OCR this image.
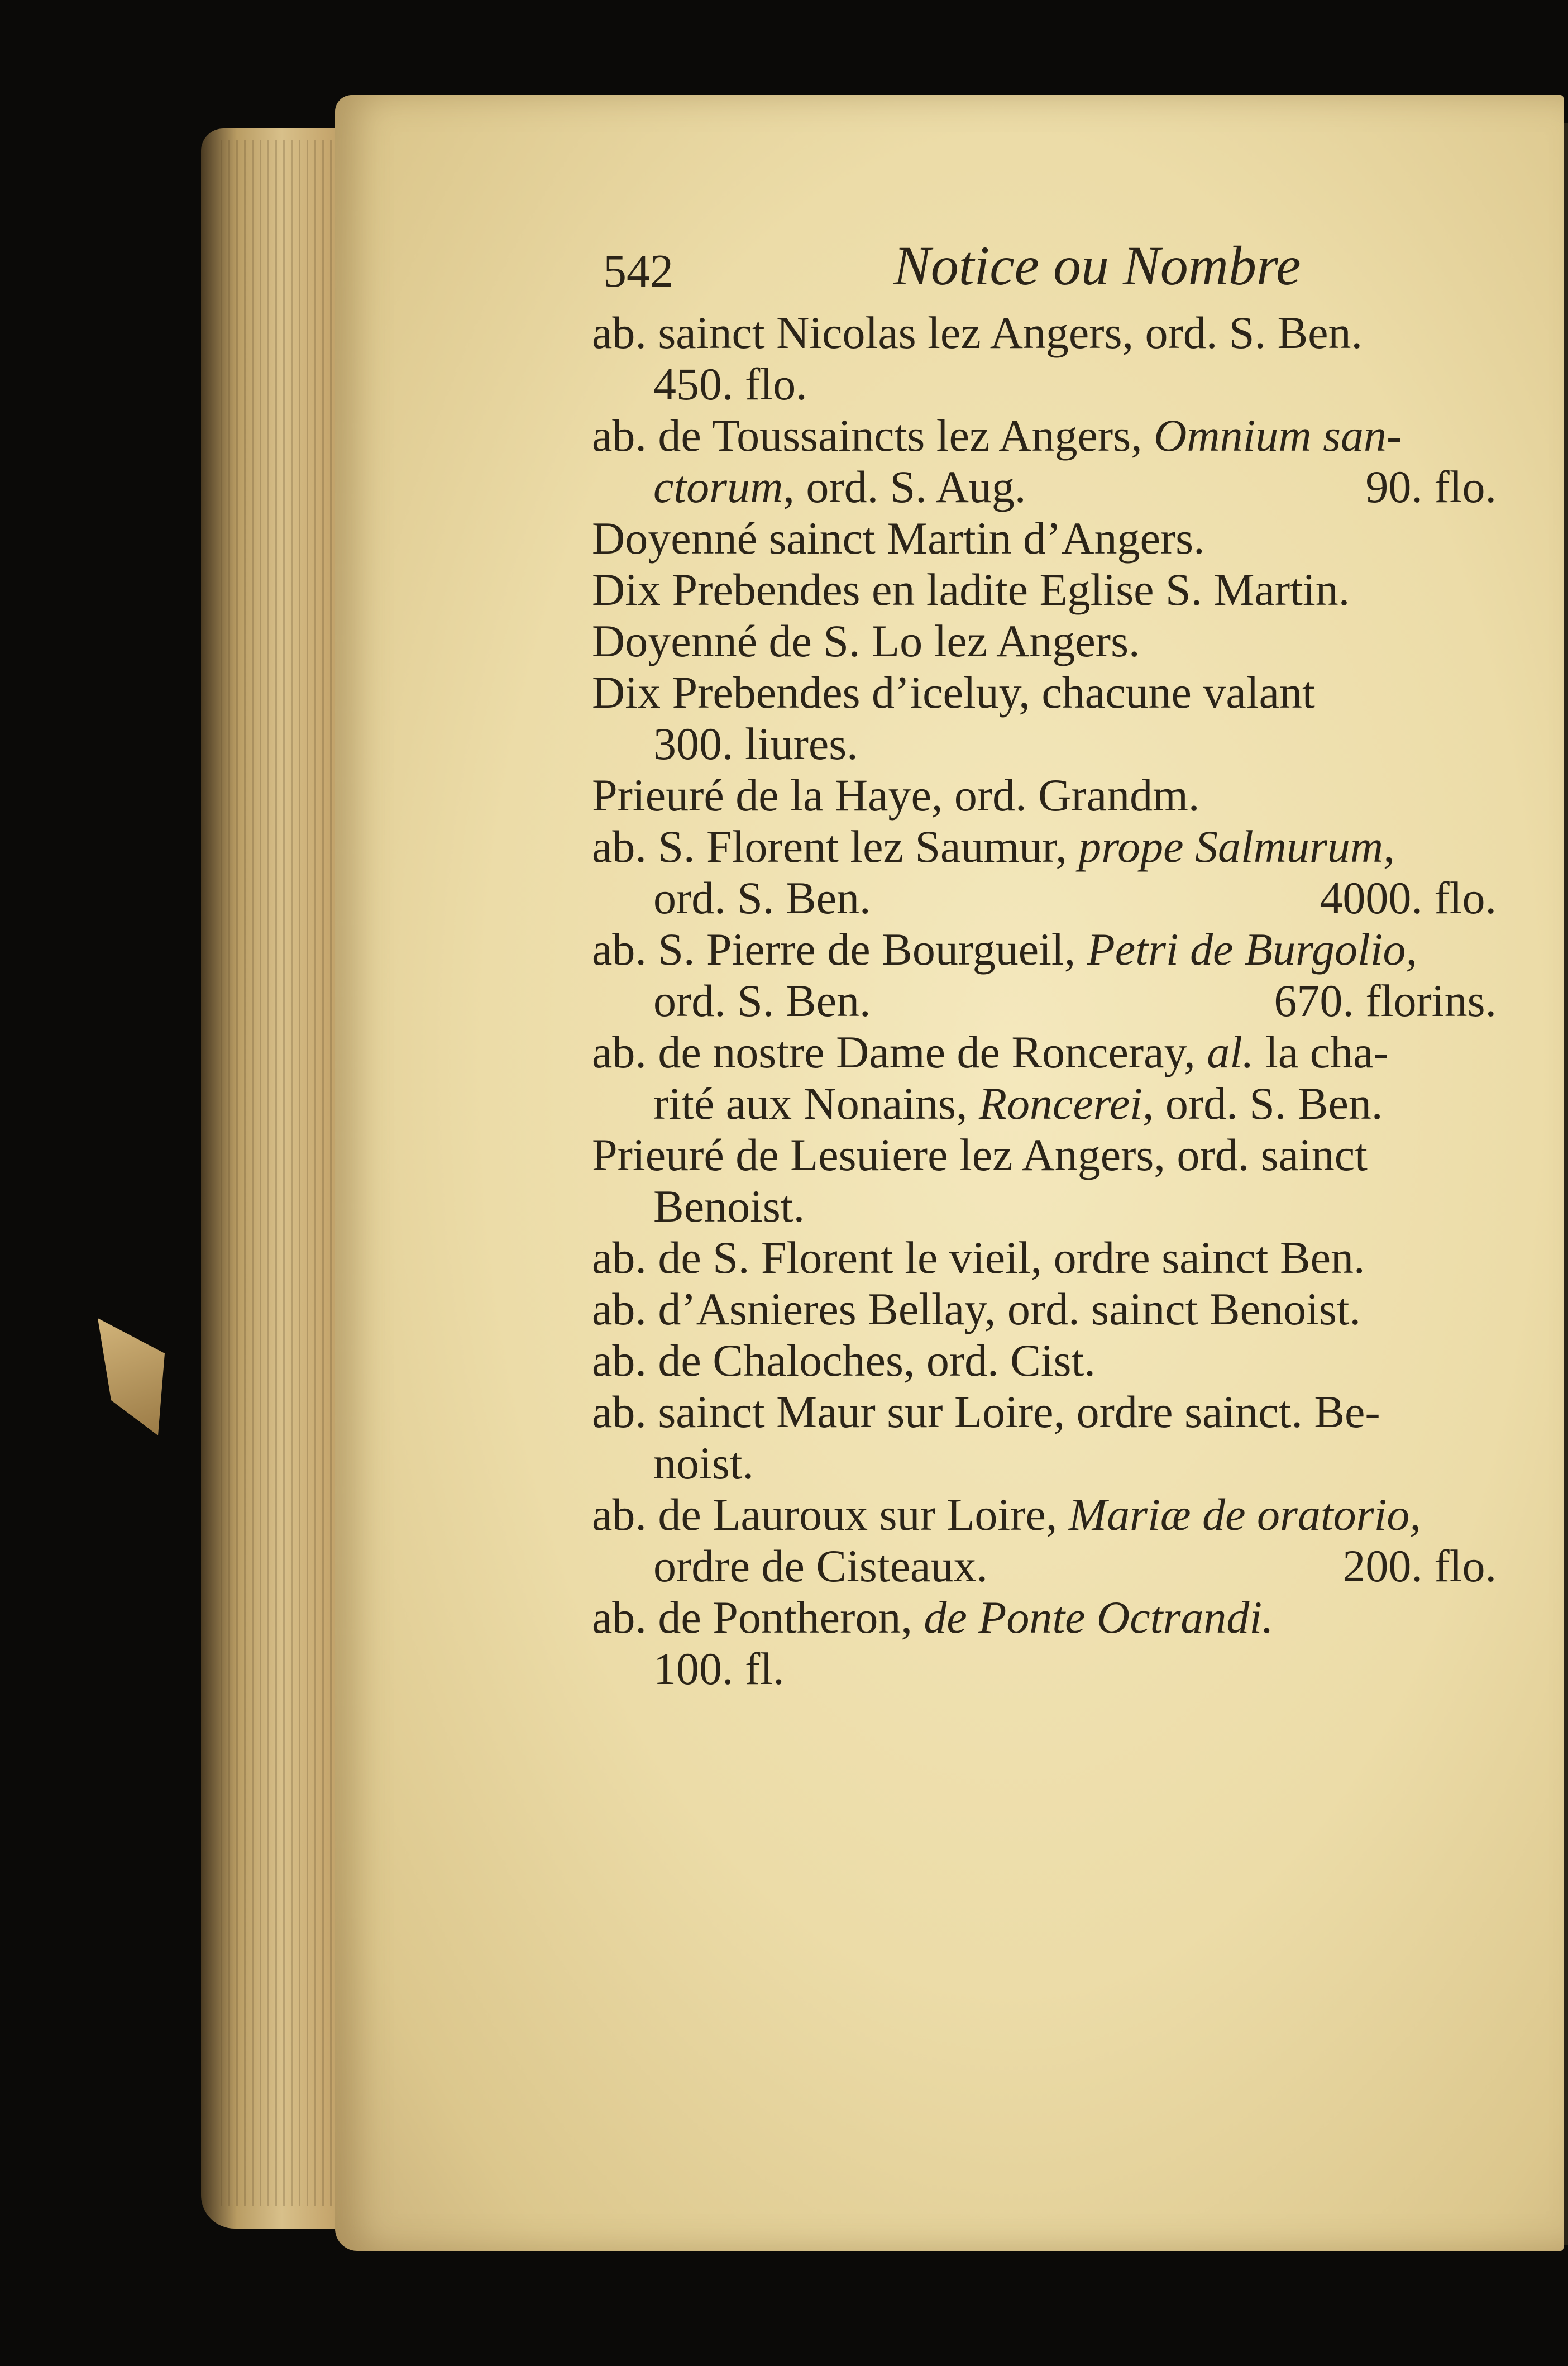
542	Notice ou Nombre
ab. sainct Nicolas lez Angers, ord. S. Ben.
450. flo.
ab. de Toussaincts lez Angers, Omnium san-
ctorum, ord. S. Aug.	90. flo.
Doyenné sainct Martin d’Angers.
Dix Prebendes en ladite Eglise S. Martin.
Doyenné de S. Lo lez Angers.
Dix Prebendes d’iceluy, chacune valant
300. liures.
Prieuré de la Haye, ord. Grandm.
ab. S. Florent lez Saumur, prope Salmurum,
ord. S. Ben.	4000. flo.
ab. S. Pierre de Bourgueil, Petri de Burgolio,
ord. S. Ben.	670. florins.
ab. de nostre Dame de Ronceray, al. la cha-
rité aux Nonains, Roncerei, ord. S. Ben.
Prieuré de Lesuiere lez Angers, ord. sainct
Benoist.
ab. de S. Florent le vieil, ordre sainct Ben.
ab. d’Asnieres Bellay, ord. sainct Benoist.
ab. de Chaloches, ord. Cist.
ab. sainct Maur sur Loire, ordre sainct. Be-
noist.
ab. de Lauroux sur Loire, Mariæ de oratorio,
ordre de Cisteaux.	200. flo.
ab. de Pontheron, de Ponte Octrandi.
100. fl.
